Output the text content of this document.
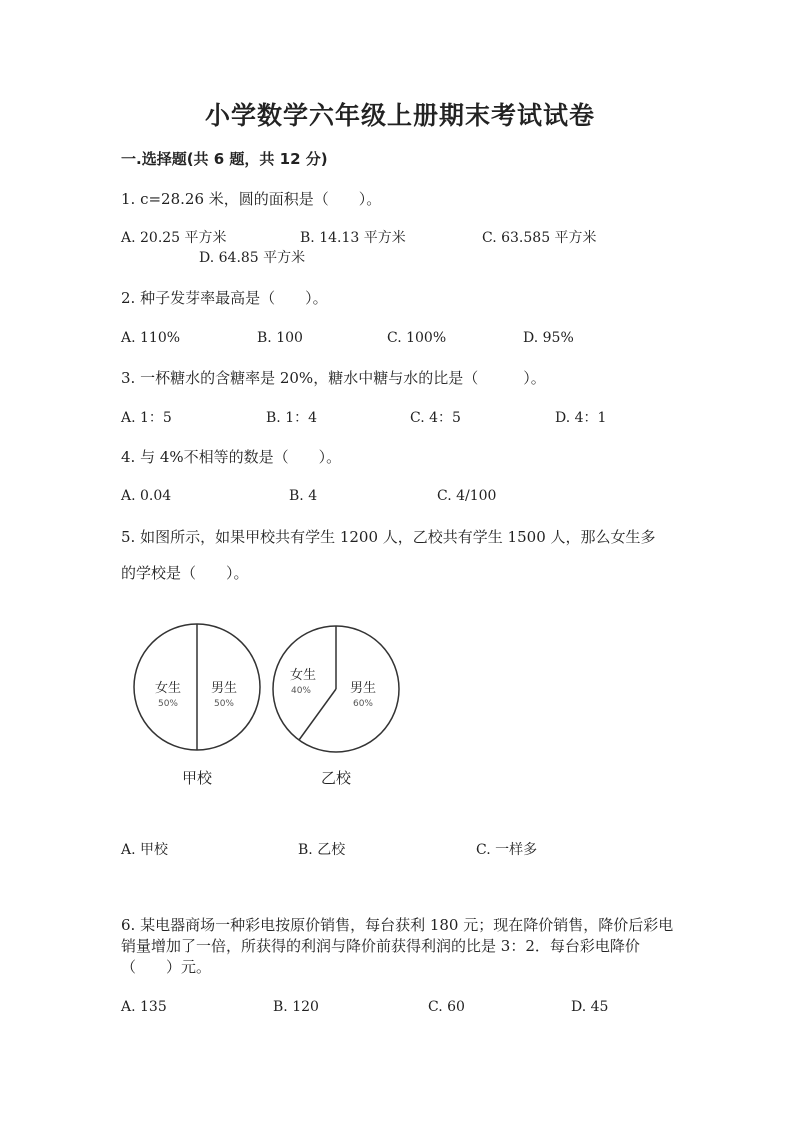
小学数学六年级上册期末考试试卷
一.选择题(共 6 题，共 12 分)
1. c=28.26 米，圆的面积是（　　）。
A. 20.25 平方米	B. 14.13 平方米	C. 63.585 平方米
D. 64.85 平方米
2. 种子发芽率最高是（　　）。
A. 110%	B. 100	C. 100%	D. 95%
3. 一杯糖水的含糖率是 20%，糖水中糖与水的比是（　　　）。
A. 1：5	B. 1：4	C. 4：5	D. 4：1
4. 与 4%不相等的数是（　　）。
A. 0.04	B. 4	C. 4/100
5. 如图所示，如果甲校共有学生 1200 人，乙校共有学生 1500 人，那么女生多
的学校是（　　）。
女生
50%
男生
50%
甲校
女生
40%	男生
60%
乙校
A. 甲校	B. 乙校	C. 一样多
6. 某电器商场一种彩电按原价销售，每台获利 180 元；现在降价销售，降价后彩电销量增加了一倍，所获得的利润与降价前获得利润的比是 3：2．每台彩电降价（　　）元。
A. 135	B. 120	C. 60	D. 45
